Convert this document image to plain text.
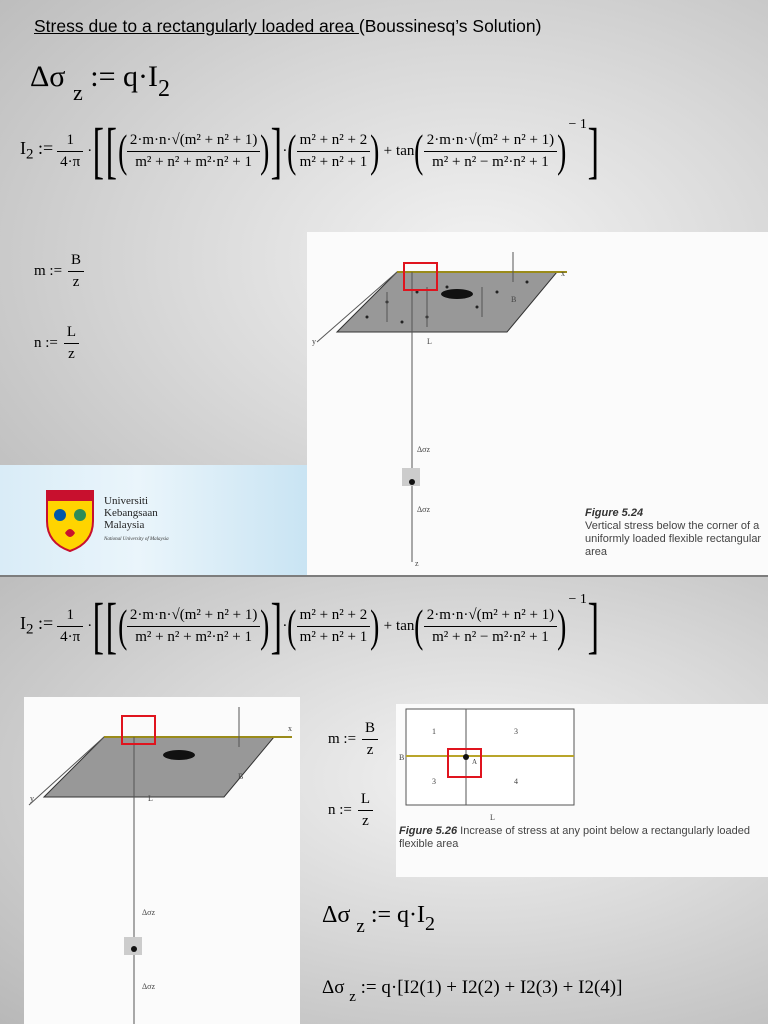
Stress due to a rectangularly loaded area (Boussinesq’s Solution)
Δσ $_z$ := $q\cdot I_2$
$I_2$ := $\frac{1}{4\cdot\pi}$ · [ [ ( $\frac{\text{2·m·n·√(m² + n² + 1)}}{\text{m² + n² + m²·n² + 1}}$ ) ] · ( $\frac{\text{m² + n² + 2}}{\text{m² + n² + 1}}$ ) + tan ( $\frac{\text{2·m·n·√(m² + n² + 1)}}{\text{m² + n² − m²·n² + 1}}$ )
− 1 ]
m := $\frac{B}{z}$
n := $\frac{L}{z}$
x
y
z
B
L
Δσz
Δσz	Figure 5.24
Vertical stress below the corner of a uniformly loaded flexible rectangular area
Universiti
Kebangsaan
Malaysia
National University of Malaysia
$I_2$ := $\frac{1}{4\cdot\pi}$ · [ [ ( $\frac{\text{2·m·n·√(m² + n² + 1)}}{\text{m² + n² + m²·n² + 1}}$ ) ] · ( $\frac{\text{m² + n² + 2}}{\text{m² + n² + 1}}$ ) + tan ( $\frac{\text{2·m·n·√(m² + n² + 1)}}{\text{m² + n² − m²·n² + 1}}$ )
− 1 ]
x
y
B
L
Δσz
Δσz
m := $\frac{B}{z}$
n := $\frac{L}{z}$
1	3
3	4
B
L
A
Figure 5.26 Increase of stress at any point below a rectangularly loaded flexible area
Δσ $_z$ := $q\cdot I_2$
Δσ $_z$ := q·[I2(1) + I2(2) + I2(3) + I2(4)]
